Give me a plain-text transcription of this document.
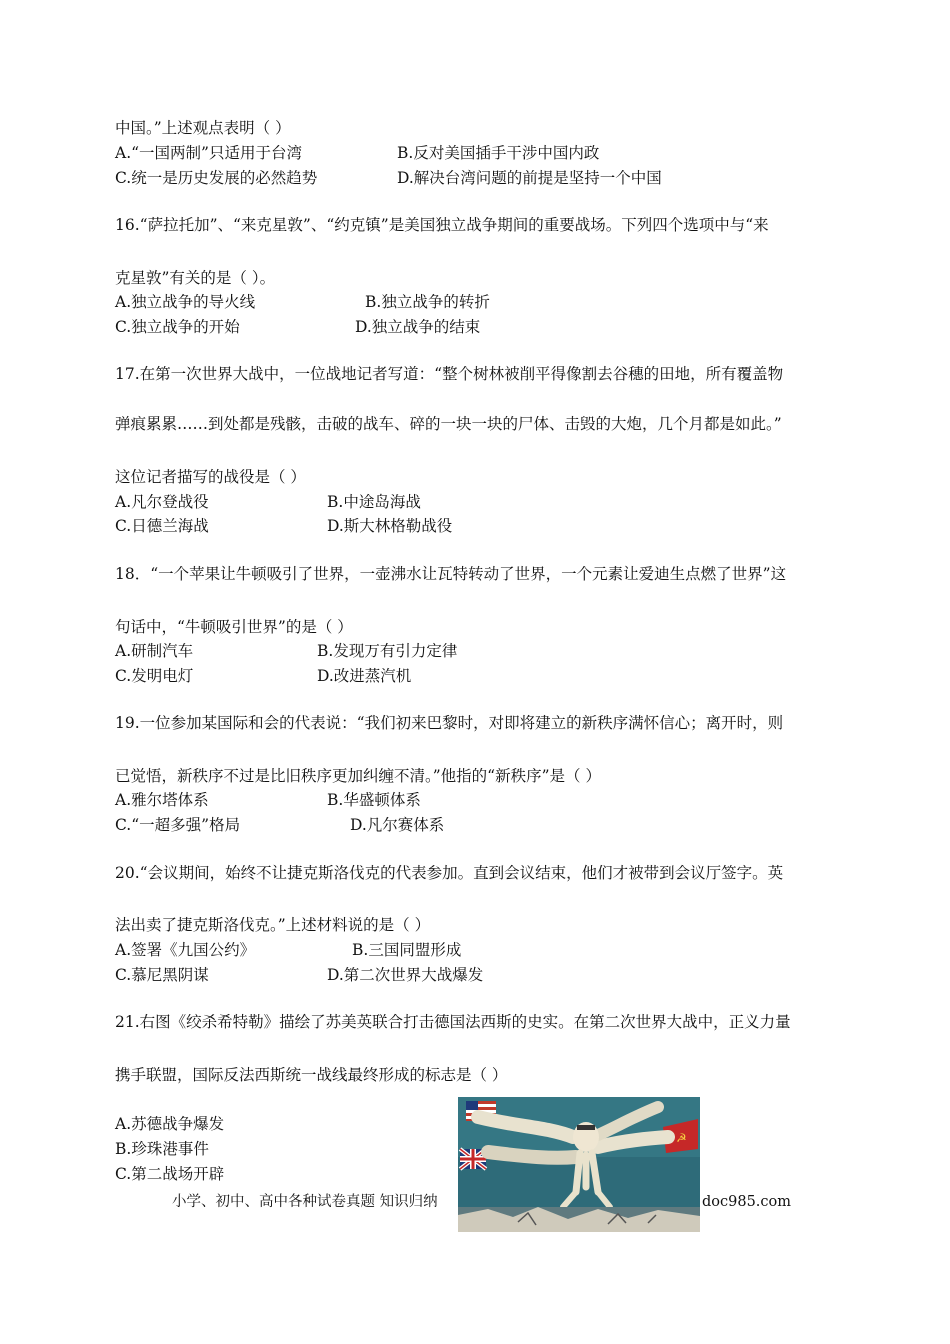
中国。”上述观点表明（ ）
A.“一国两制”只适用于台湾	B.反对美国插手干涉中国内政
C.统一是历史发展的必然趋势	D.解决台湾问题的前提是坚持一个中国
16.“萨拉托加”、“来克星敦”、“约克镇”是美国独立战争期间的重要战场。下列四个选项中与“来
克星敦”有关的是（ ）。
A.独立战争的导火线	B.独立战争的转折
C.独立战争的开始	D.独立战争的结束
17.在第一次世界大战中，一位战地记者写道：“整个树林被削平得像割去谷穗的田地，所有覆盖物
弹痕累累……到处都是残骸，击破的战车、碎的一块一块的尸体、击毁的大炮，几个月都是如此。”
这位记者描写的战役是（ ）
A.凡尔登战役	B.中途岛海战
C.日德兰海战	D.斯大林格勒战役
18．“一个苹果让牛顿吸引了世界，一壶沸水让瓦特转动了世界，一个元素让爱迪生点燃了世界”这
句话中，“牛顿吸引世界”的是（ ）
A.研制汽车	B.发现万有引力定律
C.发明电灯	D.改进蒸汽机
19.一位参加某国际和会的代表说：“我们初来巴黎时，对即将建立的新秩序满怀信心；离开时，则
已觉悟，新秩序不过是比旧秩序更加纠缠不清。”他指的“新秩序”是（ ）
A.雅尔塔体系	B.华盛顿体系
C.“一超多强”格局	D.凡尔赛体系
20.“会议期间，始终不让捷克斯洛伐克的代表参加。直到会议结束，他们才被带到会议厅签字。英
法出卖了捷克斯洛伐克。”上述材料说的是（ ）
A.签署《九国公约》	B.三国同盟形成
C.慕尼黑阴谋	D.第二次世界大战爆发
21.右图《绞杀希特勒》描绘了苏美英联合打击德国法西斯的史实。在第二次世界大战中，正义力量
携手联盟，国际反法西斯统一战线最终形成的标志是（ ）
A.苏德战争爆发
B.珍珠港事件
C.第二战场开辟
☭
小学、初中、高中各种试卷真题 知识归纳	doc985.com
